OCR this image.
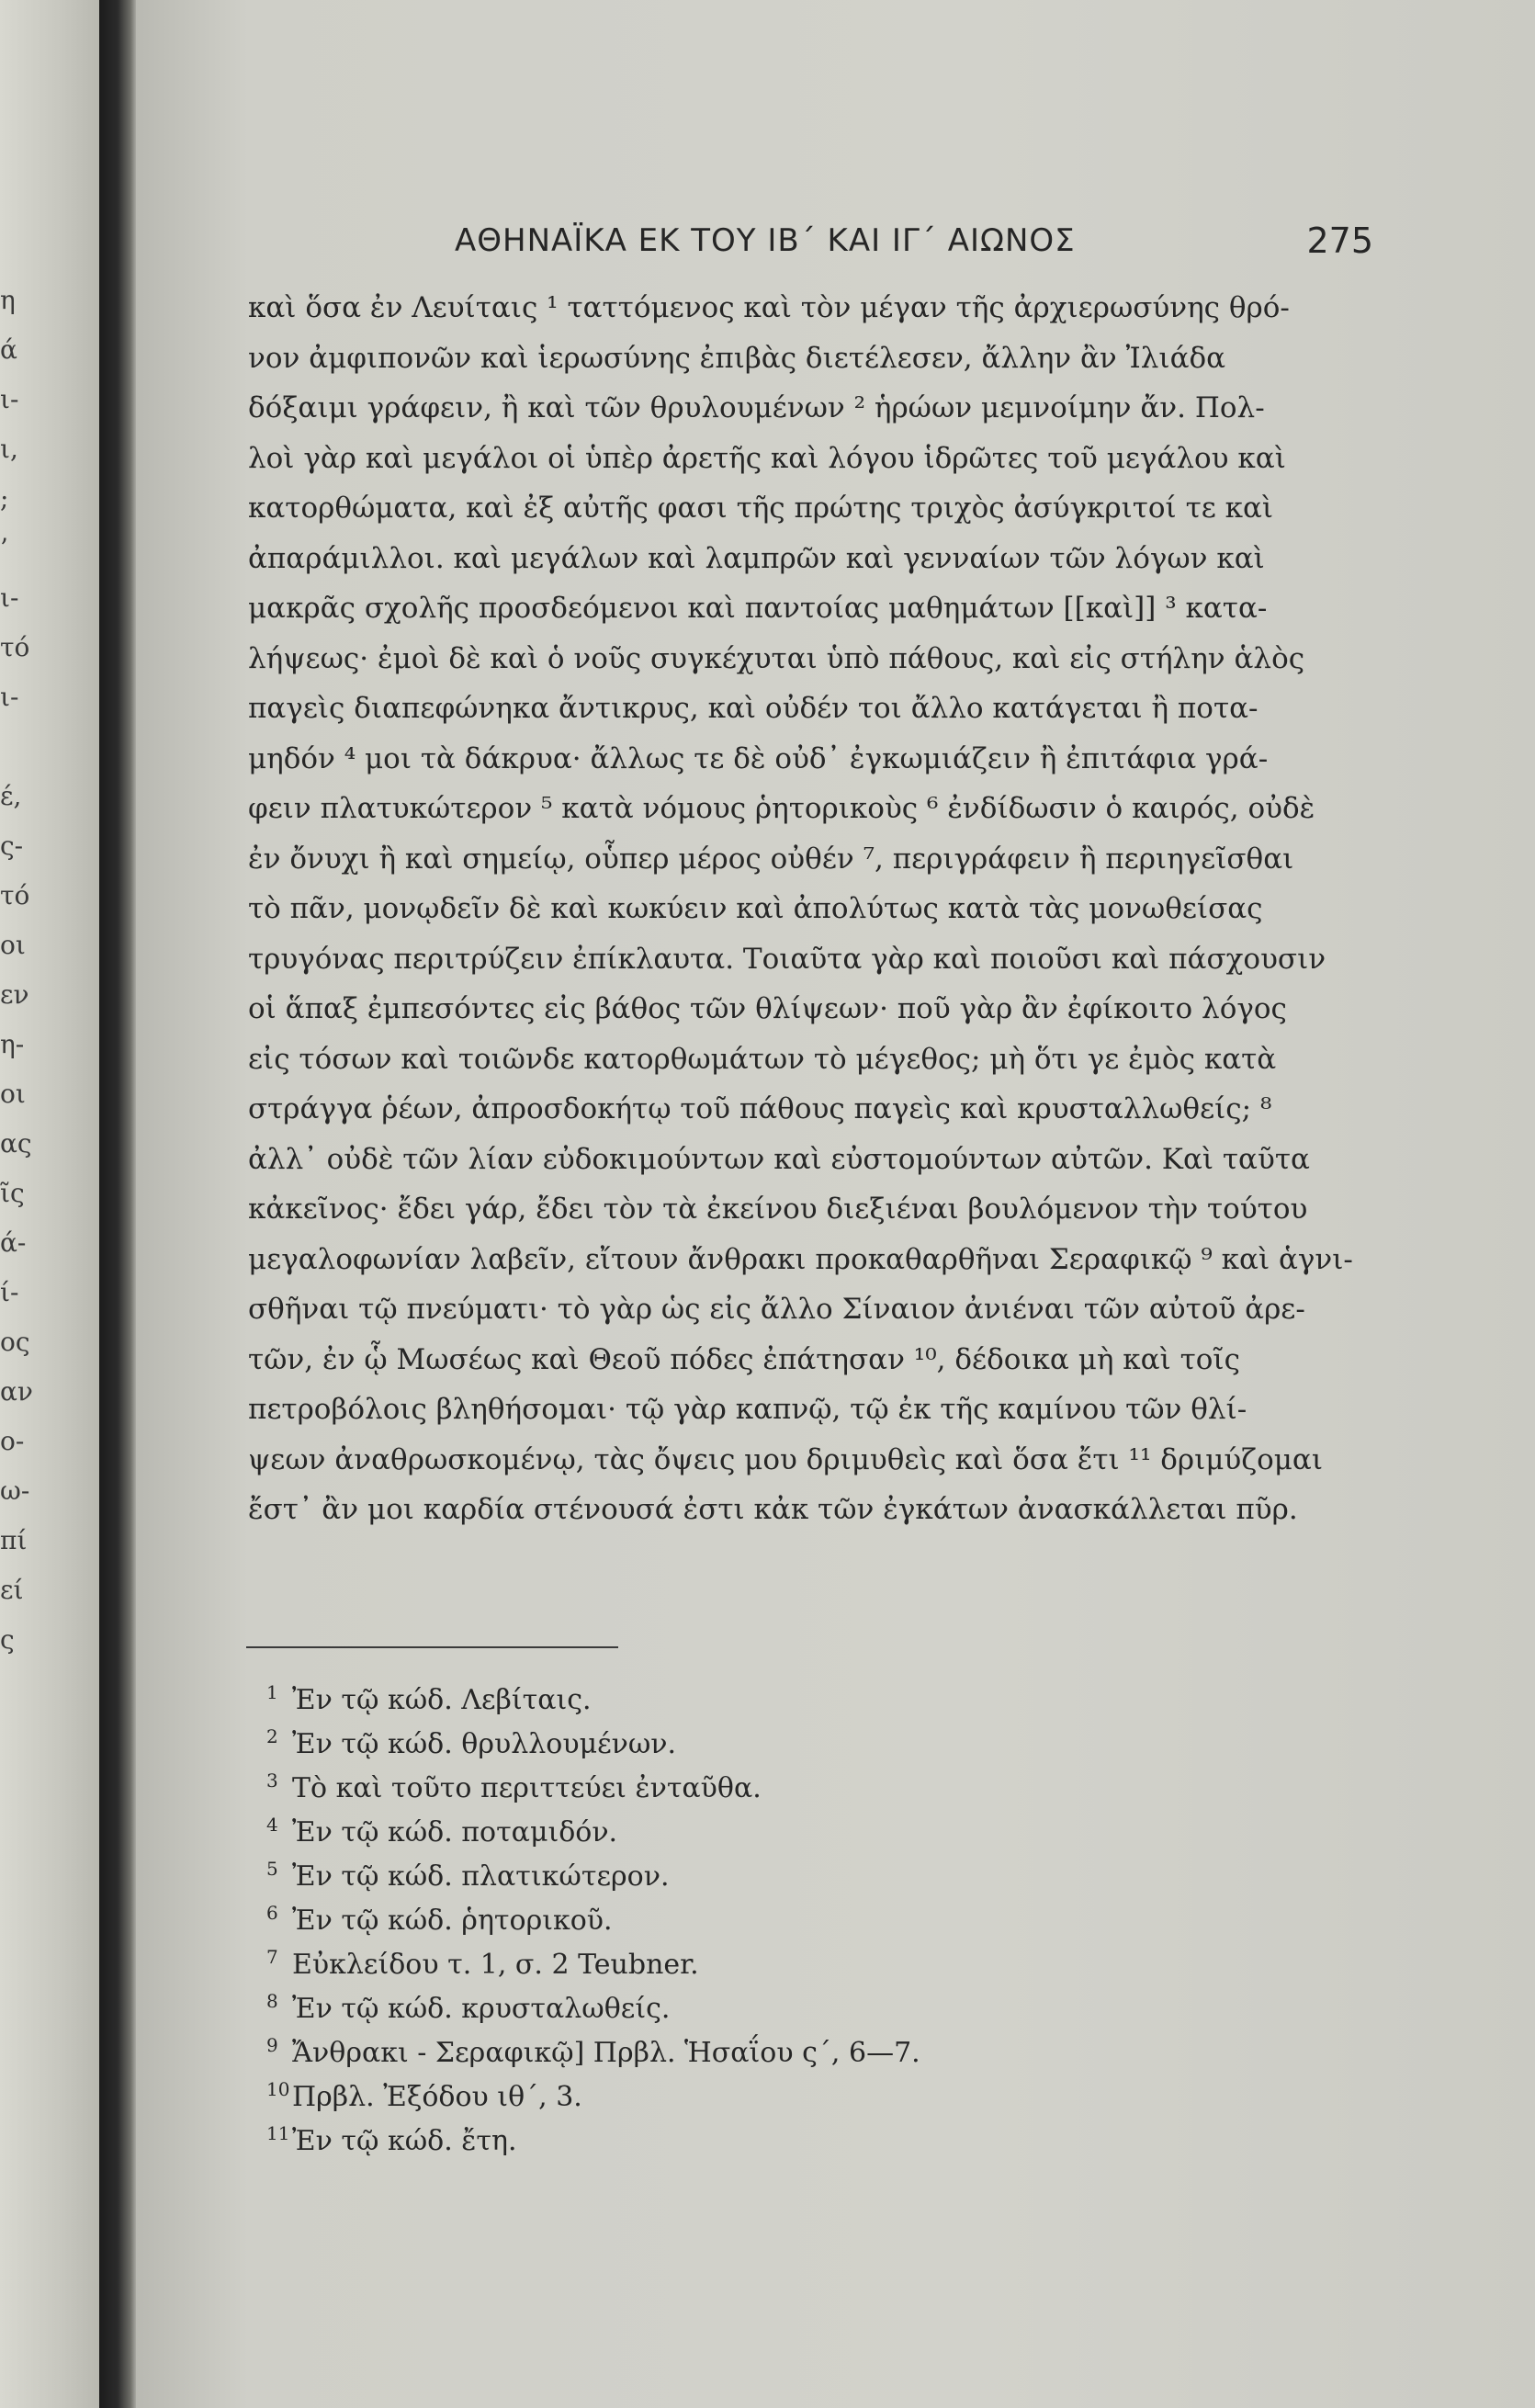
η
ά
ι-
ι,
;
’
ι-
τό
ι-
έ,
ς-
τό
οι
εν
η-
οι
ας
ῖς
ά-
ί-
ος
αν
ο-
ω-
πί
εί
ς
ΑΘΗΝΑΪΚΑ ΕΚ ΤΟΥ ΙΒ΄ ΚΑΙ ΙΓ΄ ΑΙΩΝΟΣ	275
καὶ ὅσα ἐν Λευίταις ¹ ταττόμενος καὶ τὸν μέγαν τῆς ἀρχιερωσύνης θρό-
νον ἀμφιπονῶν καὶ ἱερωσύνης ἐπιβὰς διετέλεσεν, ἄλλην ἂν Ἰλιάδα
δόξαιμι γράφειν, ἢ καὶ τῶν θρυλουμένων ² ἡρώων μεμνοίμην ἄν. Πολ-
λοὶ γὰρ καὶ μεγάλοι οἱ ὑπὲρ ἀρετῆς καὶ λόγου ἱδρῶτες τοῦ μεγάλου καὶ
κατορθώματα, καὶ ἐξ αὐτῆς φασι τῆς πρώτης τριχὸς ἀσύγκριτοί τε καὶ
ἀπαράμιλλοι. καὶ μεγάλων καὶ λαμπρῶν καὶ γενναίων τῶν λόγων καὶ
μακρᾶς σχολῆς προσδεόμενοι καὶ παντοίας μαθημάτων [[καὶ]] ³ κατα-
λήψεως· ἐμοὶ δὲ καὶ ὁ νοῦς συγκέχυται ὑπὸ πάθους, καὶ εἰς στήλην ἁλὸς
παγεὶς διαπεφώνηκα ἄντικρυς, καὶ οὐδέν τοι ἄλλο κατάγεται ἢ ποτα-
μηδόν ⁴ μοι τὰ δάκρυα· ἄλλως τε δὲ οὐδ᾽ ἐγκωμιάζειν ἢ ἐπιτάφια γρά-
φειν πλατυκώτερον ⁵ κατὰ νόμους ῥητορικοὺς ⁶ ἐνδίδωσιν ὁ καιρός, οὐδὲ
ἐν ὄνυχι ἢ καὶ σημείῳ, οὗπερ μέρος οὐθέν ⁷, περιγράφειν ἢ περιηγεῖσθαι
τὸ πᾶν, μονῳδεῖν δὲ καὶ κωκύειν καὶ ἀπολύτως κατὰ τὰς μονωθείσας
τρυγόνας περιτρύζειν ἐπίκλαυτα. Τοιαῦτα γὰρ καὶ ποιοῦσι καὶ πάσχουσιν
οἱ ἅπαξ ἐμπεσόντες εἰς βάθος τῶν θλίψεων· ποῦ γὰρ ἂν ἐφίκοιτο λόγος
εἰς τόσων καὶ τοιῶνδε κατορθωμάτων τὸ μέγεθος; μὴ ὅτι γε ἐμὸς κατὰ
στράγγα ῥέων, ἀπροσδοκήτῳ τοῦ πάθους παγεὶς καὶ κρυσταλλωθείς; ⁸
ἀλλ᾽ οὐδὲ τῶν λίαν εὐδοκιμούντων καὶ εὐστομούντων αὐτῶν. Καὶ ταῦτα
κἀκεῖνος· ἔδει γάρ, ἔδει τὸν τὰ ἐκείνου διεξιέναι βουλόμενον τὴν τούτου
μεγαλοφωνίαν λαβεῖν, εἴτουν ἄνθρακι προκαθαρθῆναι Σεραφικῷ ⁹ καὶ ἁγνι-
σθῆναι τῷ πνεύματι· τὸ γὰρ ὡς εἰς ἄλλο Σίναιον ἀνιέναι τῶν αὐτοῦ ἀρε-
τῶν, ἐν ᾧ Μωσέως καὶ Θεοῦ πόδες ἐπάτησαν ¹⁰, δέδοικα μὴ καὶ τοῖς
πετροβόλοις βληθήσομαι· τῷ γὰρ καπνῷ, τῷ ἐκ τῆς καμίνου τῶν θλί-
ψεων ἀναθρωσκομένῳ, τὰς ὄψεις μου δριμυθεὶς καὶ ὅσα ἔτι ¹¹ δριμύζομαι
ἔστ᾽ ἂν μοι καρδία στένουσά ἐστι κἀκ τῶν ἐγκάτων ἀνασκάλλεται πῦρ.
1 Ἐν τῷ κώδ. Λεβίταις.
2 Ἐν τῷ κώδ. θρυλλουμένων.
3 Τὸ καὶ τοῦτο περιττεύει ἐνταῦθα.
4 Ἐν τῷ κώδ. ποταμιδόν.
5 Ἐν τῷ κώδ. πλατικώτερον.
6 Ἐν τῷ κώδ. ῥητορικοῦ.
7 Εὐκλείδου τ. 1, σ. 2 Teubner.
8 Ἐν τῷ κώδ. κρυσταλωθείς.
9 Ἄνθρακι - Σεραφικῷ] Πρβλ. Ἡσαΐου ς´, 6—7.
10Πρβλ. Ἐξόδου ιθ´, 3.
11Ἐν τῷ κώδ. ἔτη.
